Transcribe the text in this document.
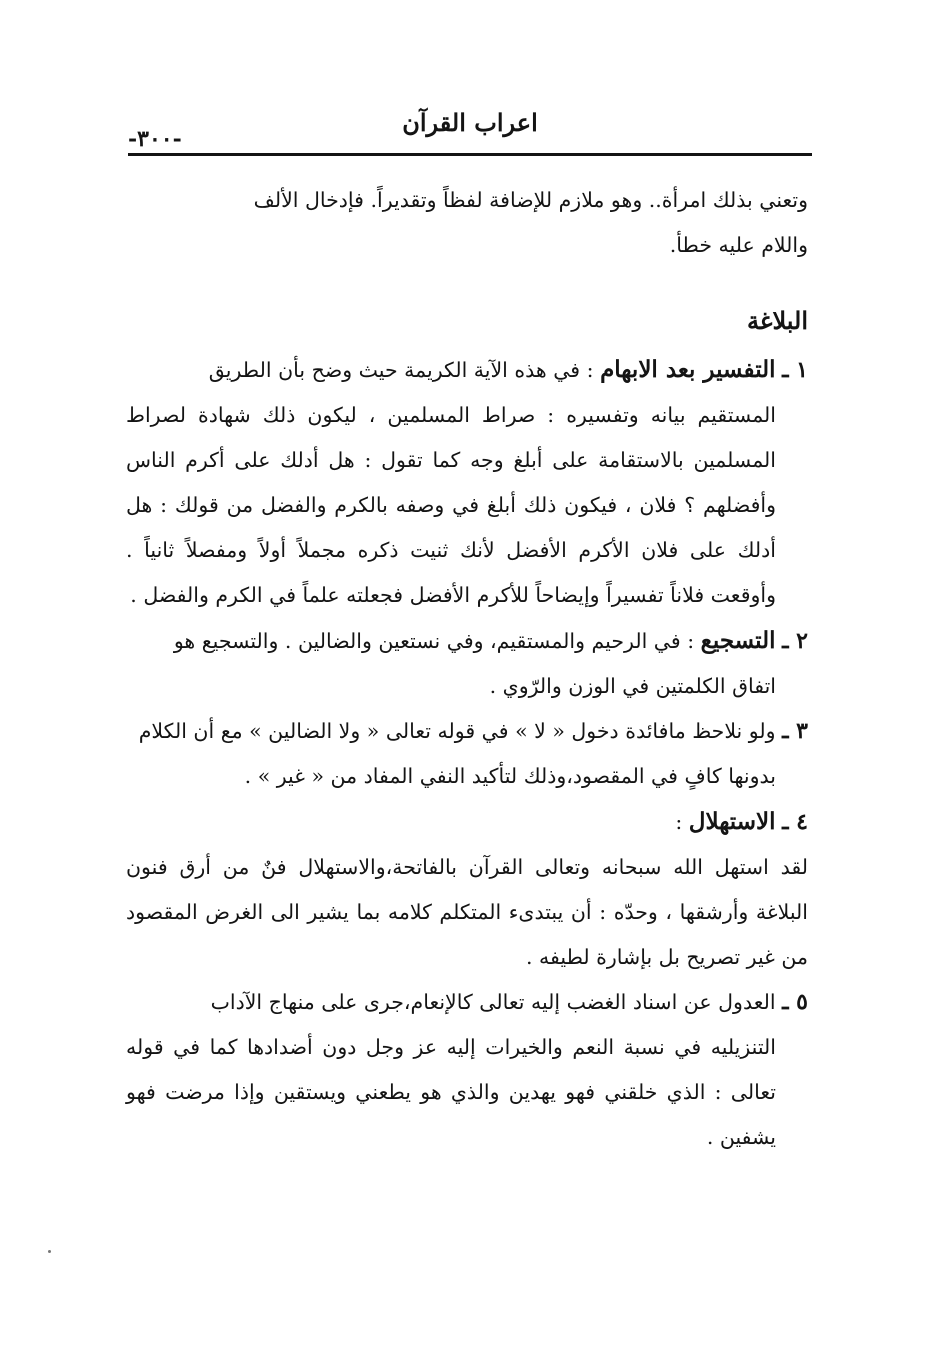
اعراب القرآن
-٣٠٠-

وتعني بذلك امرأة.. وهو ملازم للإضافة لفظاً وتقديراً. فإدخال الألف
واللام عليه خطأ.

البلاغة
١ ـ التفسير بعد الابهام : في هذه الآية الكريمة حيث وضح بأن الطريق
المستقيم بيانه وتفسيره : صراط المسلمين ، ليكون ذلك شهادة لصراط المسلمين بالاستقامة على أبلغ وجه كما تقول : هل أدلك على أكرم الناس وأفضلهم ؟ فلان ، فيكون ذلك أبلغ في وصفه بالكرم والفضل من قولك : هل أدلك على فلان الأكرم الأفضل لأنك ثنيت ذكره مجملاً أولاً ومفصلاً ثانياً . وأوقعت فلاناً تفسيراً وإيضاحاً للأكرم الأفضل فجعلته علماً في الكرم والفضل .
٢ ـ التسجيع : في الرحيم والمستقيم، وفي نستعين والضالين . والتسجيع هو
اتفاق الكلمتين في الوزن والرّوي .
٣ ـ ولو نلاحظ مافائدة دخول « لا » في قوله تعالى « ولا الضالين » مع أن الكلام
بدونها كافٍ في المقصود،وذلك لتأكيد النفي المفاد من « غير » .
٤ ـ الاستهلال :

لقد استهل الله سبحانه وتعالى القرآن بالفاتحة،والاستهلال فنٌ من أرق فنون البلاغة وأرشقها ، وحدّه : أن يبتدىء المتكلم كلامه بما يشير الى الغرض المقصود من غير تصريح بل بإشارة لطيفه .

٥ ـ العدول عن اسناد الغضب إليه تعالى كالإنعام،جرى على منهاج الآداب
التنزيليه في نسبة النعم والخيرات إليه عز وجل دون أضدادها كما في قوله تعالى : الذي خلقني فهو يهدين والذي هو يطعني ويستقين وإذا مرضت فهو يشفين .
